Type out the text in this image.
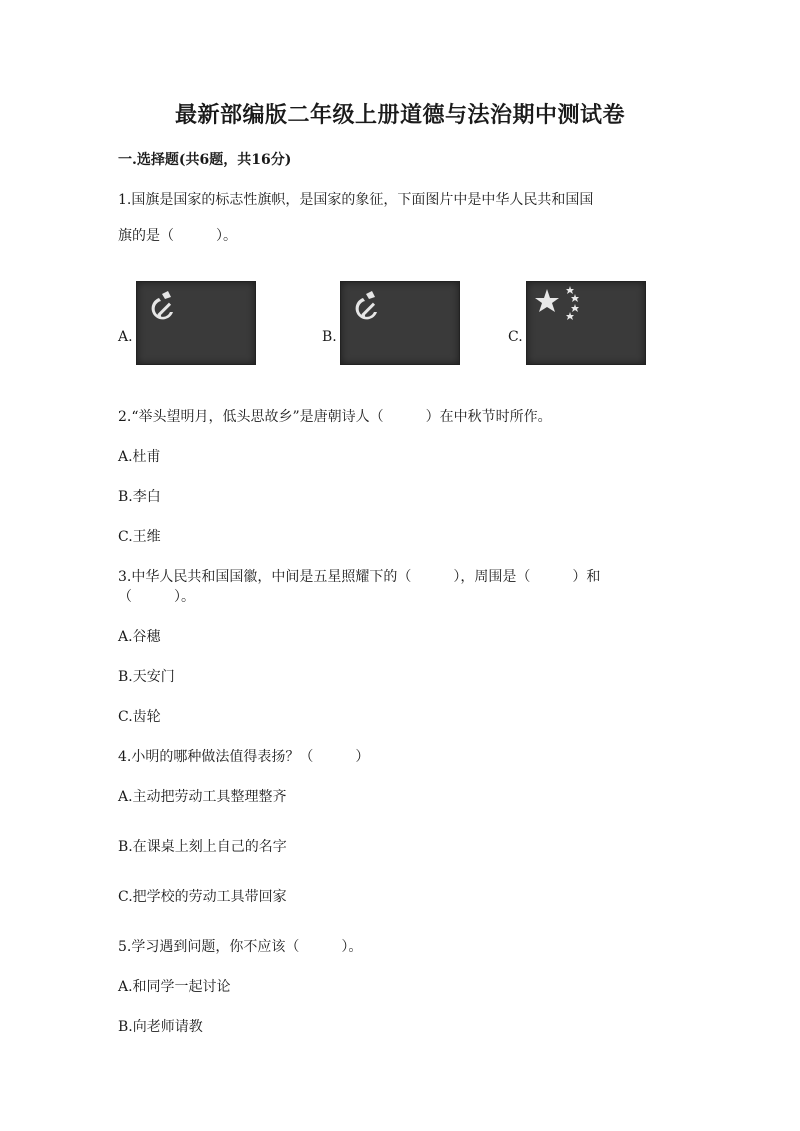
最新部编版二年级上册道德与法治期中测试卷
一.选择题(共6题，共16分)
1.国旗是国家的标志性旗帜，是国家的象征，下面图片中是中华人民共和国国
旗的是（　　　）。
A.	B.	C.
2.“举头望明月，低头思故乡”是唐朝诗人（　　　）在中秋节时所作。
A.杜甫
B.李白
C.王维
3.中华人民共和国国徽，中间是五星照耀下的（　　　），周围是（　　　）和
（　　　）。
A.谷穗
B.天安门
C.齿轮
4.小明的哪种做法值得表扬？（　　　）
A.主动把劳动工具整理整齐
B.在课桌上刻上自己的名字
C.把学校的劳动工具带回家
5.学习遇到问题，你不应该（　　　）。
A.和同学一起讨论
B.向老师请教
